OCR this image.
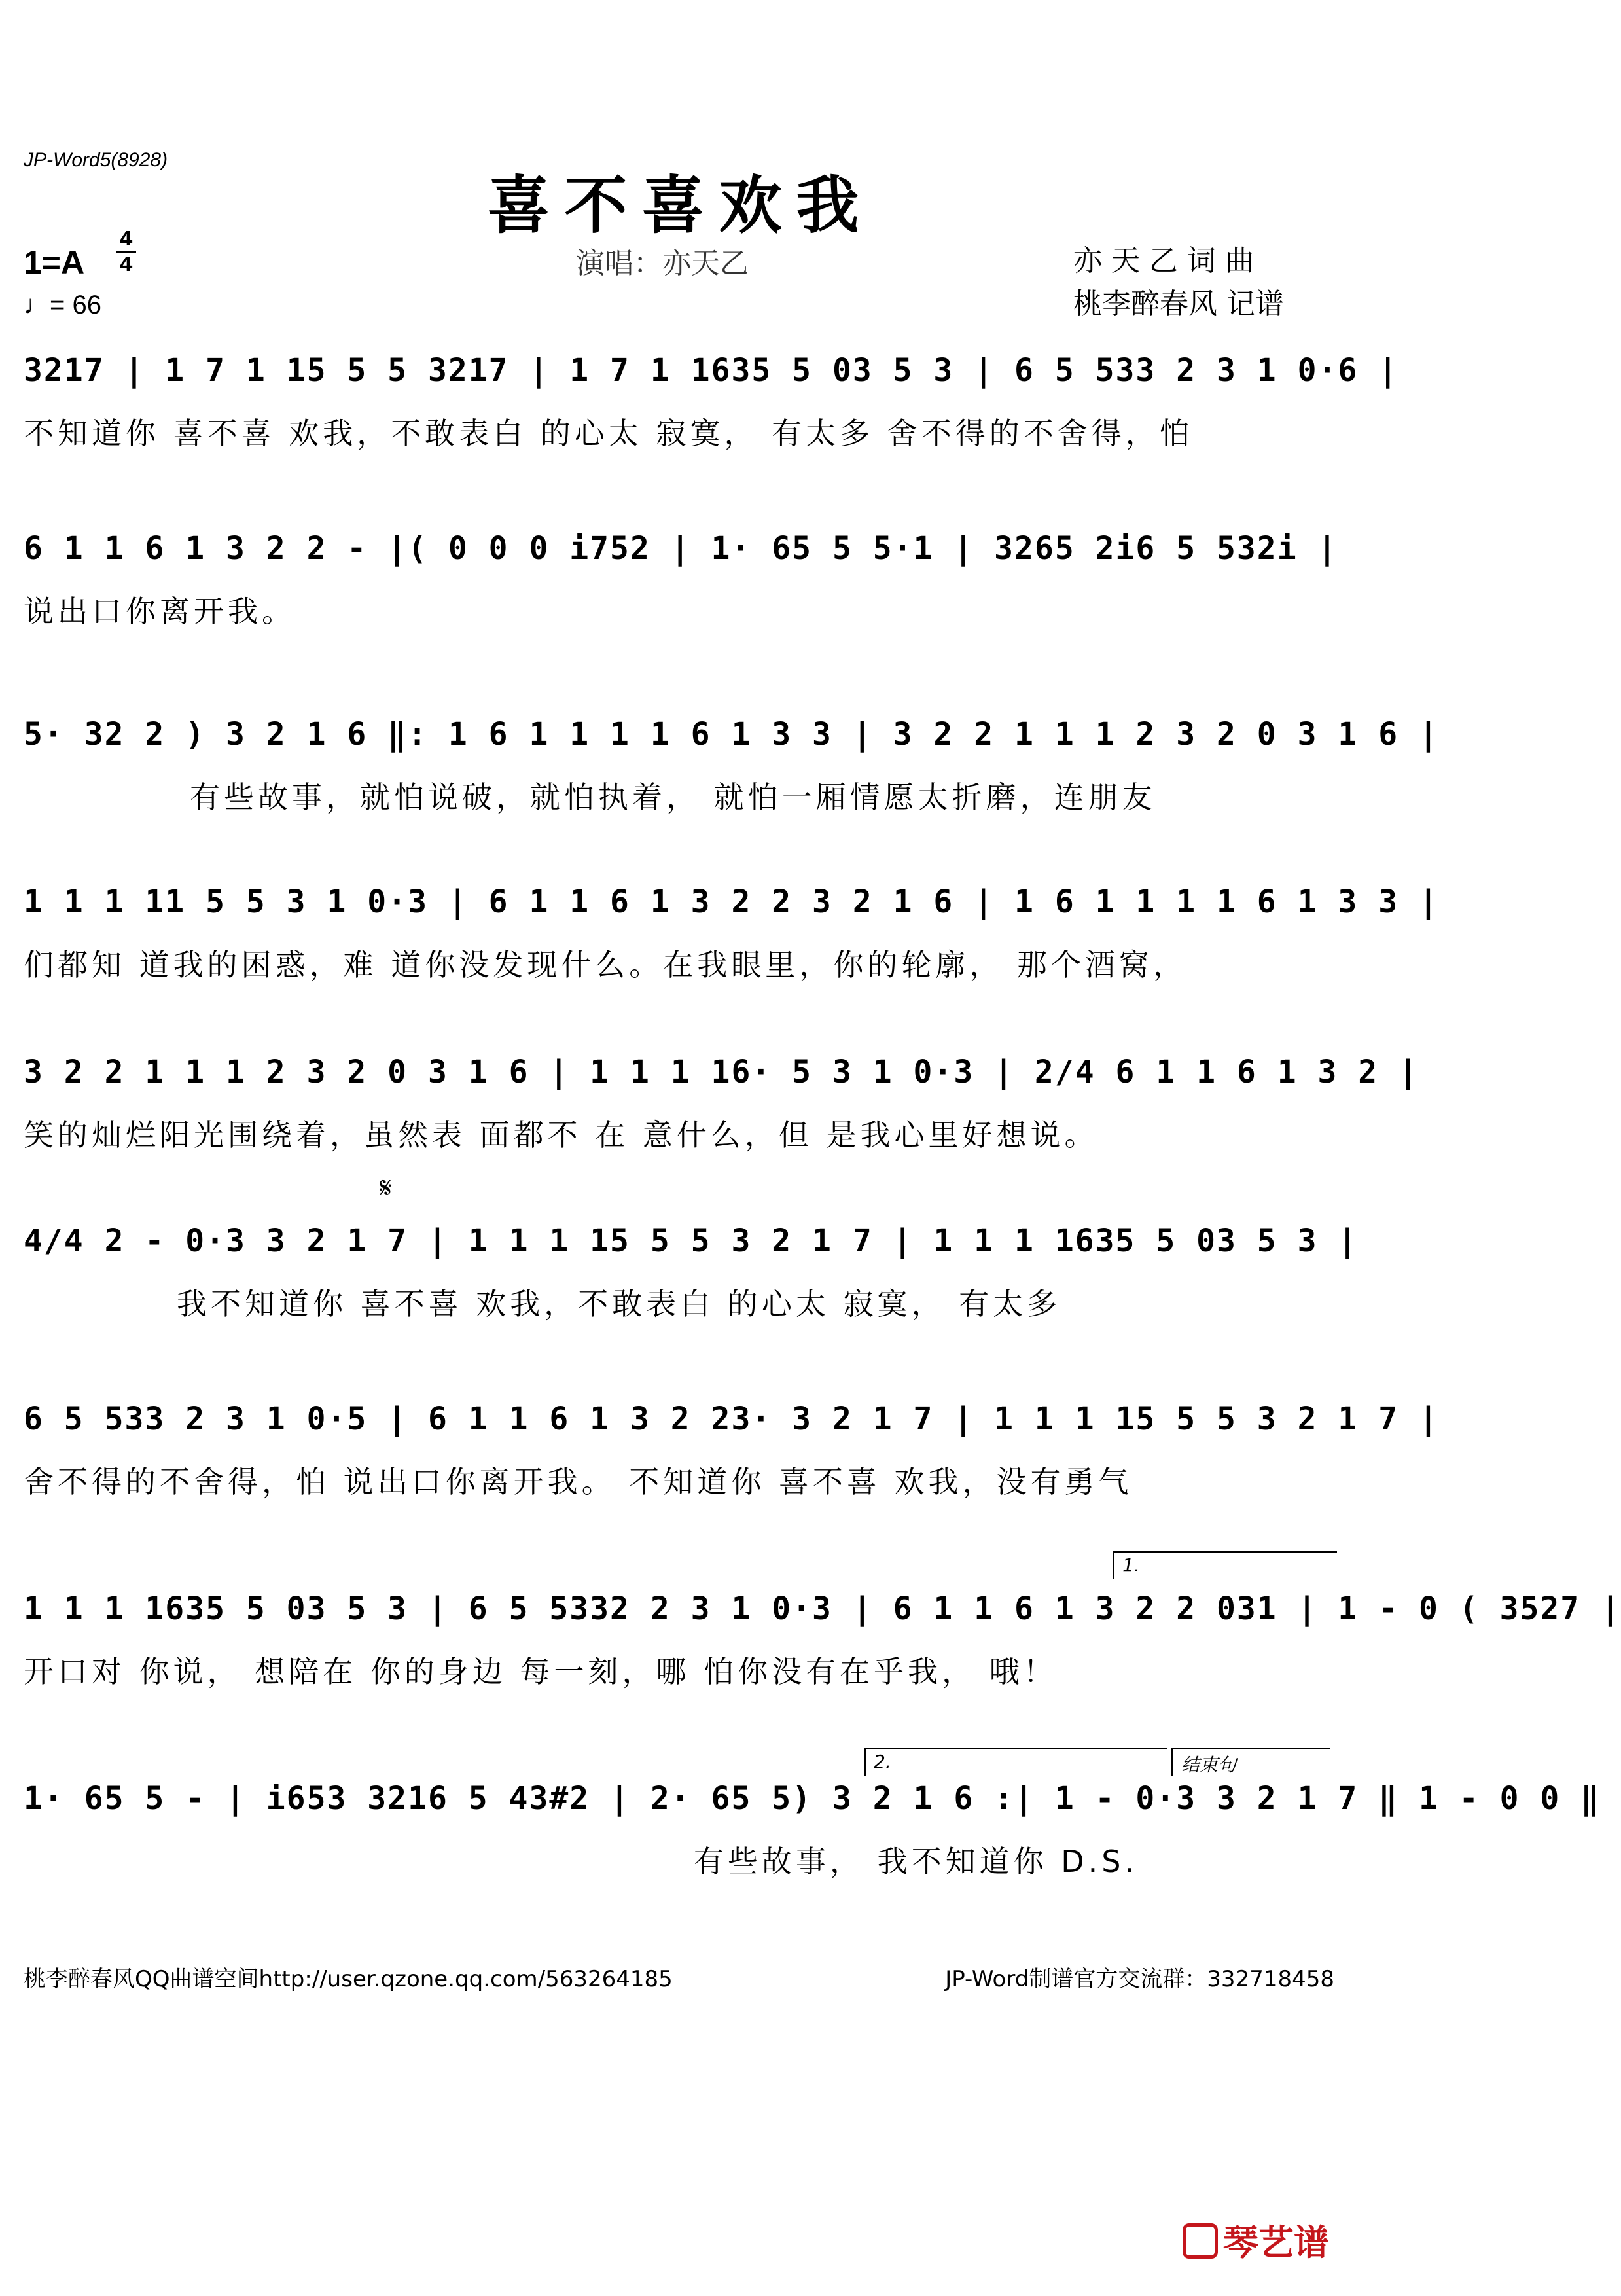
JP-Word5(8928)
喜不喜欢我
演唱：亦天乙
1=A
4
4
♩= 66
亦天乙词曲
桃李醉春风 记谱
3217 | 1 7 1 15 5 5 3217 | 1 7 1 1635 5 03 5 3 | 6 5 533 2 3 1 0·6 |
不知道你 喜不喜 欢我，不敢表白 的心太 寂寞， 有太多 舍不得的不舍得，怕
6 1 1 6 1 3 2 2 - |( 0 0 0 i752 | 1· 65 5 5·1 | 3265 2i6 5 532i |
说出口你离开我。
5· 32 2 ) 3 2 1 6 ‖: 1 6 1 1 1 1 6 1 3 3 | 3 2 2 1 1 1 2 3 2 0 3 1 6 |
有些故事，就怕说破，就怕执着， 就怕一厢情愿太折磨，连朋友
1 1 1 11 5 5 3 1 0·3 | 6 1 1 6 1 3 2 2 3 2 1 6 | 1 6 1 1 1 1 6 1 3 3 |
们都知 道我的困惑，难 道你没发现什么。在我眼里，你的轮廓， 那个酒窝，
3 2 2 1 1 1 2 3 2 0 3 1 6 | 1 1 1 16· 5 3 1 0·3 | 2/4 6 1 1 6 1 3 2 |
笑的灿烂阳光围绕着，虽然表 面都不 在 意什么，但 是我心里好想说。
𝄋
4/4 2 - 0·3 3 2 1 7 | 1 1 1 15 5 5 3 2 1 7 | 1 1 1 1635 5 03 5 3 |
我不知道你 喜不喜 欢我，不敢表白 的心太 寂寞， 有太多
6 5 533 2 3 1 0·5 | 6 1 1 6 1 3 2 23· 3 2 1 7 | 1 1 1 15 5 5 3 2 1 7 |
舍不得的不舍得，怕 说出口你离开我。 不知道你 喜不喜 欢我，没有勇气
1.
1 1 1 1635 5 03 5 3 | 6 5 5332 2 3 1 0·3 | 6 1 1 6 1 3 2 2 031 | 1 - 0 ( 3527 |
开口对 你说， 想陪在 你的身边 每一刻，哪 怕你没有在乎我， 哦！
2.	结束句
1· 65 5 - | i653 3216 5 43#2 | 2· 65 5) 3 2 1 6 :| 1 - 0·3 3 2 1 7 ‖ 1 - 0 0 ‖
有些故事， 我不知道你 D.S.
桃李醉春风QQ曲谱空间http://user.qzone.qq.com/563264185	JP-Word制谱官方交流群：332718458
琴艺谱
